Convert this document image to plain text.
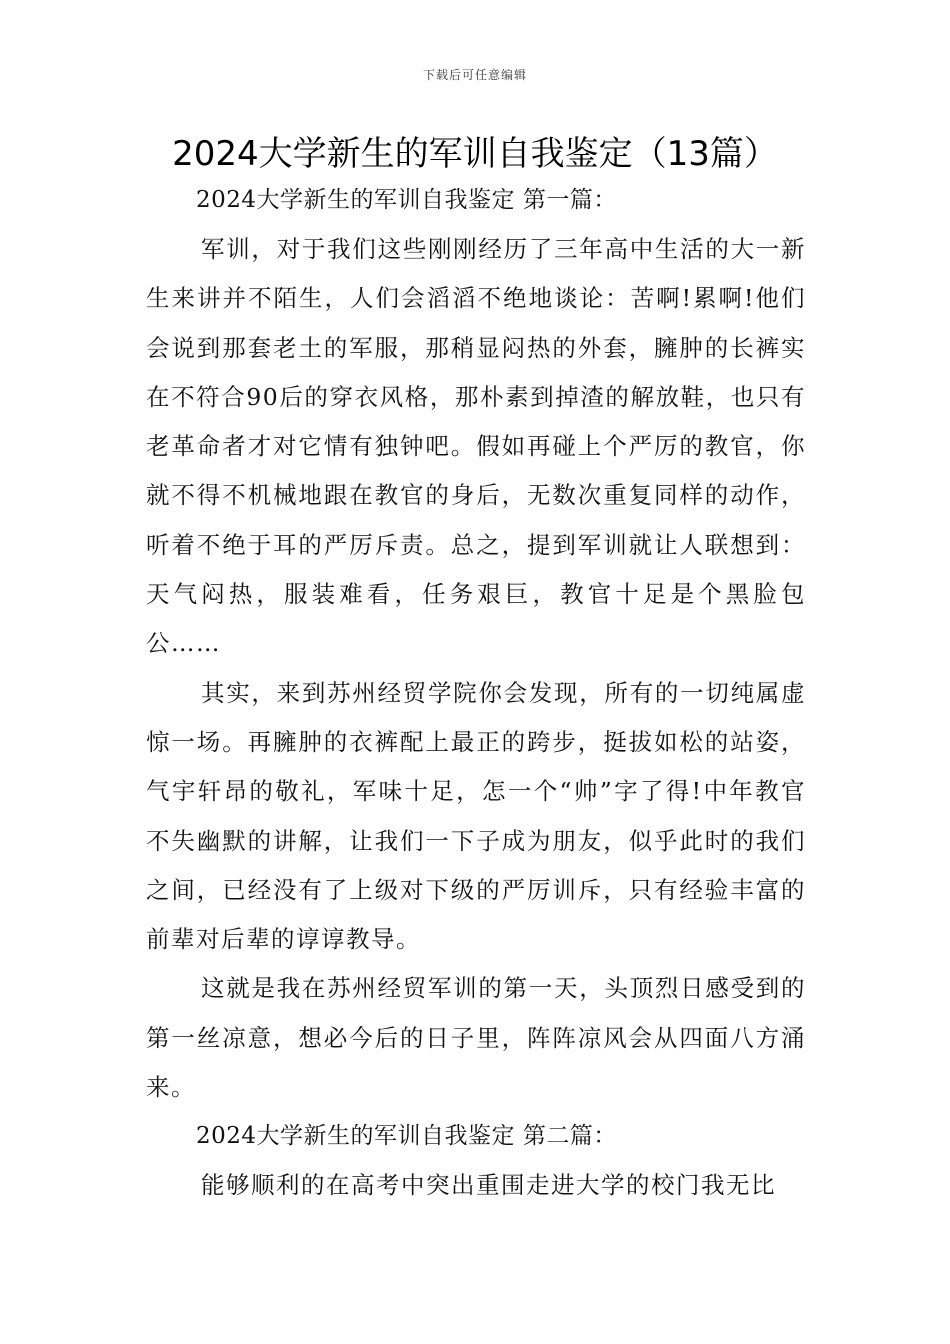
下载后可任意编辑
2024大学新生的军训自我鉴定（13篇）

2024大学新生的军训自我鉴定 第一篇：

军训，对于我们这些刚刚经历了三年高中生活的大一新生来讲并不陌生，人们会滔滔不绝地谈论：苦啊!累啊!他们会说到那套老土的军服，那稍显闷热的外套，臃肿的长裤实在不符合90后的穿衣风格，那朴素到掉渣的解放鞋，也只有老革命者才对它情有独钟吧。假如再碰上个严厉的教官，你就不得不机械地跟在教官的身后，无数次重复同样的动作，听着不绝于耳的严厉斥责。总之，提到军训就让人联想到：天气闷热，服装难看，任务艰巨，教官十足是个黑脸包公……

其实，来到苏州经贸学院你会发现，所有的一切纯属虚惊一场。再臃肿的衣裤配上最正的跨步，挺拔如松的站姿，气宇轩昂的敬礼，军味十足，怎一个“帅”字了得!中年教官不失幽默的讲解，让我们一下子成为朋友，似乎此时的我们之间，已经没有了上级对下级的严厉训斥，只有经验丰富的前辈对后辈的谆谆教导。

这就是我在苏州经贸军训的第一天，头顶烈日感受到的第一丝凉意，想必今后的日子里，阵阵凉风会从四面八方涌来。

2024大学新生的军训自我鉴定 第二篇：

能够顺利的在高考中突出重围走进大学的校门我无比
